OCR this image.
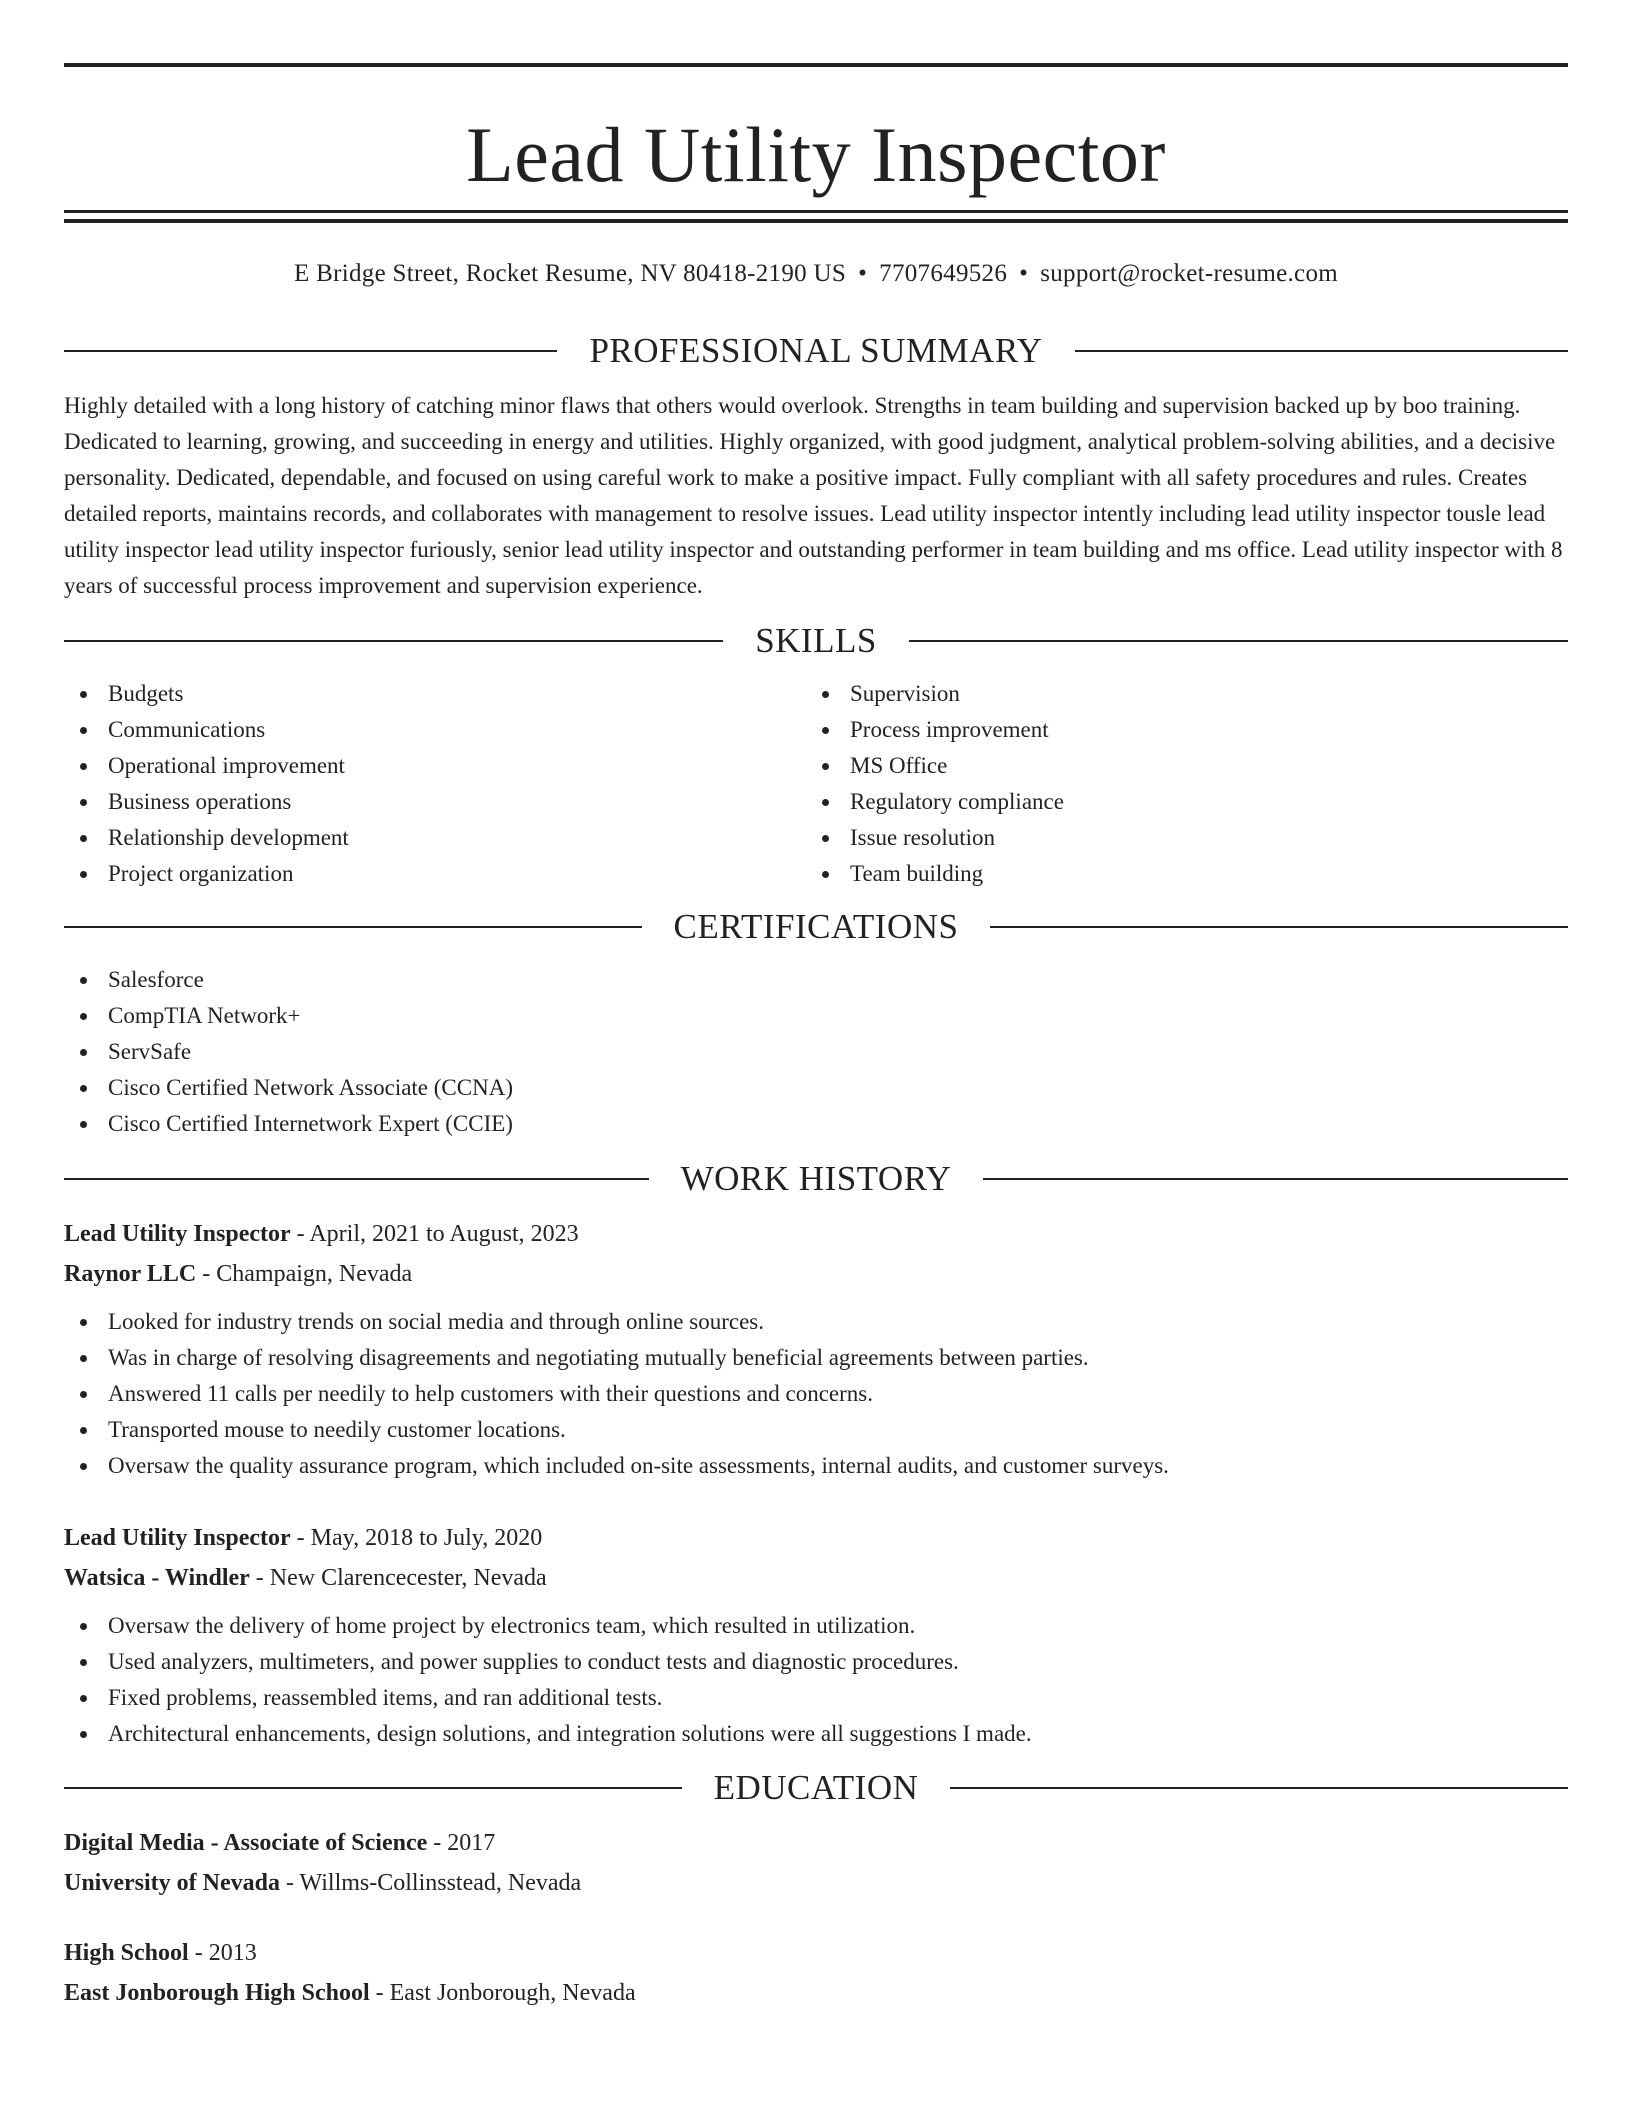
Lead Utility Inspector
E Bridge Street, Rocket Resume, NV 80418-2190 US • 7707649526 • support@rocket-resume.com
PROFESSIONAL SUMMARY

Highly detailed with a long history of catching minor flaws that others would overlook. Strengths in team building and supervision backed up by boo training. Dedicated to learning, growing, and succeeding in energy and utilities. Highly organized, with good judgment, analytical problem-solving abilities, and a decisive personality. Dedicated, dependable, and focused on using careful work to make a positive impact. Fully compliant with all safety procedures and rules. Creates detailed reports, maintains records, and collaborates with management to resolve issues. Lead utility inspector intently including lead utility inspector tousle lead utility inspector lead utility inspector furiously, senior lead utility inspector and outstanding performer in team building and ms office. Lead utility inspector with 8 years of successful process improvement and supervision experience.

SKILLS
Budgets
Communications
Operational improvement
Business operations
Relationship development
Project organization
Supervision
Process improvement
MS Office
Regulatory compliance
Issue resolution
Team building
CERTIFICATIONS
Salesforce
CompTIA Network+
ServSafe
Cisco Certified Network Associate (CCNA)
Cisco Certified Internetwork Expert (CCIE)
WORK HISTORY
Lead Utility Inspector - April, 2021 to August, 2023
Raynor LLC - Champaign, Nevada
Looked for industry trends on social media and through online sources.
Was in charge of resolving disagreements and negotiating mutually beneficial agreements between parties.
Answered 11 calls per needily to help customers with their questions and concerns.
Transported mouse to needily customer locations.
Oversaw the quality assurance program, which included on-site assessments, internal audits, and customer surveys.
Lead Utility Inspector - May, 2018 to July, 2020
Watsica - Windler - New Clarencecester, Nevada
Oversaw the delivery of home project by electronics team, which resulted in utilization.
Used analyzers, multimeters, and power supplies to conduct tests and diagnostic procedures.
Fixed problems, reassembled items, and ran additional tests.
Architectural enhancements, design solutions, and integration solutions were all suggestions I made.
EDUCATION
Digital Media - Associate of Science - 2017
University of Nevada - Willms-Collinsstead, Nevada
High School - 2013
East Jonborough High School - East Jonborough, Nevada
